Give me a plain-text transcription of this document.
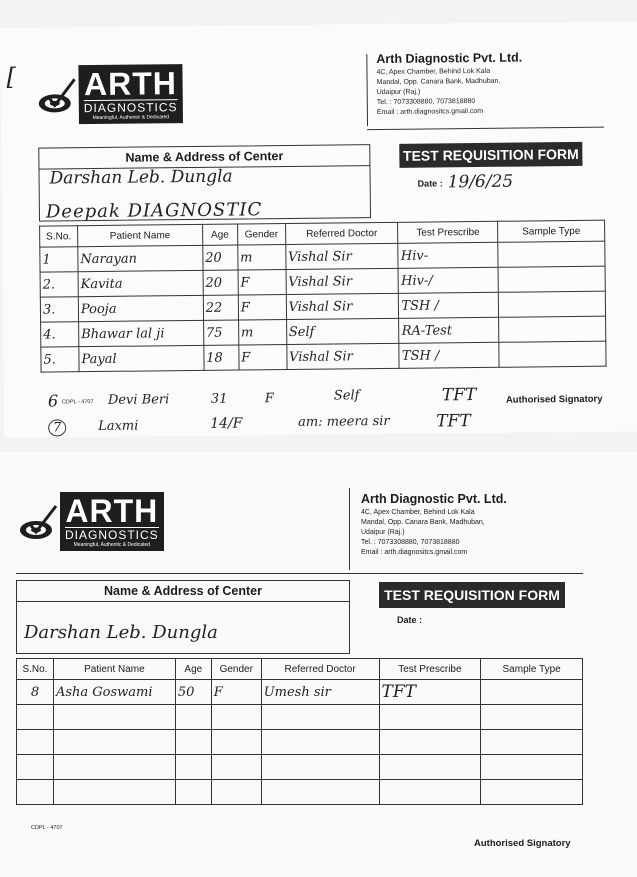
[ ARTH
DIAGNOSTICS
Meaningful, Authentic & Dedicated
Arth Diagnostic Pvt. Ltd.
4C, Apex Chamber, Behind Lok Kala
Mandal, Opp. Canara Bank, Madhuban,
Udaipur (Raj.)
Tel. : 7073308880, 7073818880
Email : arth.diagnositcs.gmail.com
Name & Address of Center
Darshan Leb. Dungla
Deepak DIAGNOSTIC
TEST REQUISITION FORM
Date : 19/6/25
S.No.	Patient Name	Age	Gender	Referred Doctor	Test Prescribe	Sample Type
1	Narayan	20	m	Vishal Sir	Hiv-	
2.	Kavita	20	F	Vishal Sir	Hiv-/	
3.	Pooja	22	F	Vishal Sir	TSH /	
4.	Bhawar lal ji	75	m	Self	RA-Test	
5.	Payal	18	F	Vishal Sir	TSH /	
6 CDPL - 4707 Devi Beri	31	F	Self	TFT	Authorised Signatory
7	Laxmi	14/F	am: meera sir	TFT
ARTH
DIAGNOSTICS
Meaningful, Authentic & Dedicated
Arth Diagnostic Pvt. Ltd.
4C, Apex Chamber, Behind Lok Kala
Mandal, Opp. Canara Bank, Madhuban,
Udaipur (Raj.)
Tel. : 7073308880, 7073818880
Email : arth.diagnositcs.gmail.com
Name & Address of Center
Darshan Leb. Dungla
TEST REQUISITION FORM
Date :
S.No.	Patient Name	Age	Gender	Referred Doctor	Test Prescribe	Sample Type
8	Asha Goswami	50	F	Umesh sir	TFT	

CDPL - 4707
Authorised Signatory
